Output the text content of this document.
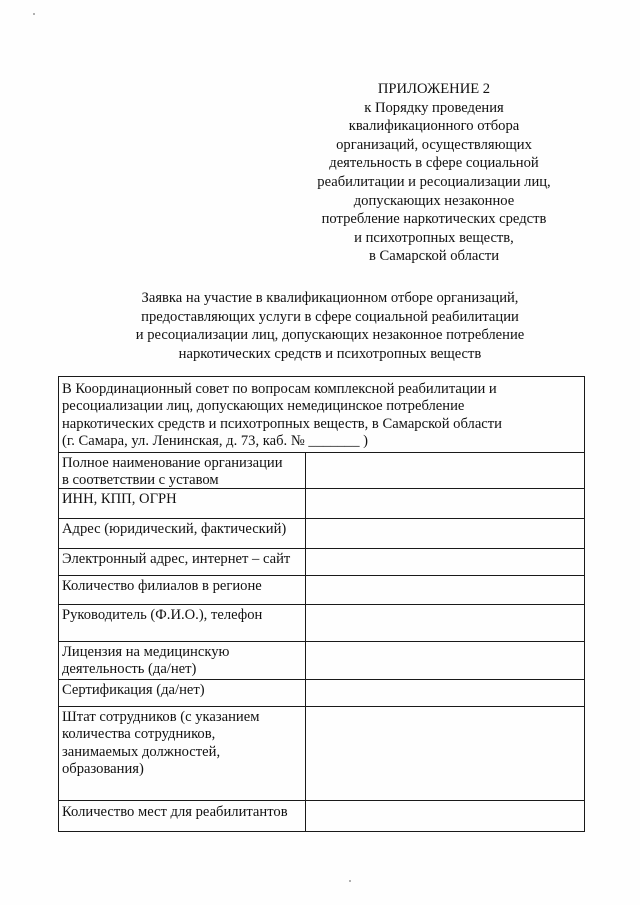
ПРИЛОЖЕНИЕ 2
к Порядку проведения
квалификационного отбора
организаций, осуществляющих
деятельность в сфере социальной
реабилитации и ресоциализации лиц,
допускающих незаконное
потребление наркотических средств
и психотропных веществ,
в Самарской области
Заявка на участие в квалификационном отборе организаций,
предоставляющих услуги в сфере социальной реабилитации
и ресоциализации лиц, допускающих незаконное потребление
наркотических средств и психотропных веществ
В Координационный совет по вопросам комплексной реабилитации и
ресоциализации лиц, допускающих немедицинское потребление
наркотических средств и психотропных веществ, в Самарской области
(г. Самара, ул. Ленинская, д. 73, каб. № _______ )
Полное наименование организации
в соответствии с уставом
ИНН, КПП, ОГРН
Адрес (юридический, фактический)
Электронный адрес, интернет – сайт
Количество филиалов в регионе
Руководитель (Ф.И.О.), телефон
Лицензия на медицинскую
деятельность (да/нет)
Сертификация (да/нет)
Штат сотрудников (с указанием
количества сотрудников,
занимаемых должностей,
образования)
Количество мест для реабилитантов
